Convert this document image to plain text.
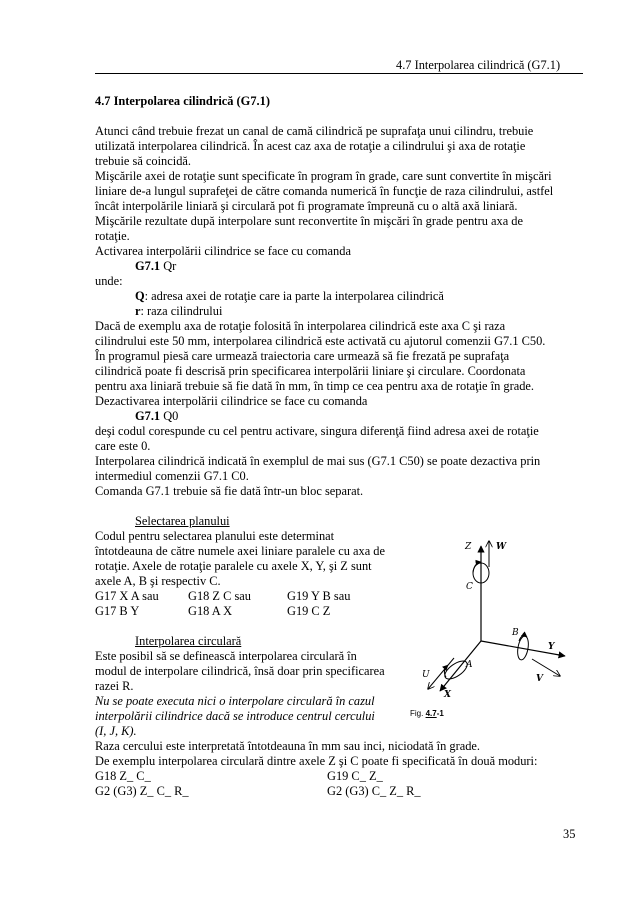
4.7 Interpolarea cilindrică (G7.1)
4.7 Interpolarea cilindrică (G7.1)
Atunci când trebuie frezat un canal de camă cilindrică pe suprafaţa unui cilindru, trebuie
utilizată interpolarea cilindrică. În acest caz axa de rotaţie a cilindrului şi axa de rotaţie
trebuie să coincidă.
Mişcările axei de rotaţie sunt specificate în program în grade, care sunt convertite în mişcări
liniare de-a lungul suprafeţei de către comanda numerică în funcţie de raza cilindrului, astfel
încât interpolările liniară şi circulară pot fi programate împreună cu o altă axă liniară.
Mişcările rezultate după interpolare sunt reconvertite în mişcări în grade pentru axa de
rotaţie.
Activarea interpolării cilindrice se face cu comanda
G7.1 Qr
unde:
Q: adresa axei de rotaţie care ia parte la interpolarea cilindrică
r: raza cilindrului
Dacă de exemplu axa de rotaţie folosită în interpolarea cilindrică este axa C şi raza
cilindrului este 50 mm, interpolarea cilindrică este activată cu ajutorul comenzii G7.1 C50.
În programul piesă care urmează traiectoria care urmează să fie frezată pe suprafaţa
cilindrică poate fi descrisă prin specificarea interpolării liniare şi circulare. Coordonata
pentru axa liniară trebuie să fie dată în mm, în timp ce cea pentru axa de rotaţie în grade.
Dezactivarea interpolării cilindrice se face cu comanda
G7.1 Q0
deşi codul corespunde cu cel pentru activare, singura diferenţă fiind adresa axei de rotaţie
care este 0.
Interpolarea cilindrică indicată în exemplul de mai sus (G7.1 C50) se poate dezactiva prin
intermediul comenzii G7.1 C0.
Comanda G7.1 trebuie să fie dată într-un bloc separat.
Selectarea planului
Codul pentru selectarea planului este determinat
întotdeauna de către numele axei liniare paralele cu axa de
rotaţie. Axele de rotaţie paralele cu axele X, Y, şi Z sunt
axele A, B şi respectiv C.
G17 X A sau G18 Z C sau	G19 Y B sau
G17 B Y	G18 A X	G19 C Z
Interpolarea circulară
Este posibil să se definească interpolarea circulară în
modul de interpolare cilindrică, însă doar prin specificarea
razei R.
Nu se poate executa nici o interpolare circulară în cazul
interpolării cilindrice dacă se introduce centrul cercului
(I, J, K).
Raza cercului este interpretată întotdeauna în mm sau inci, niciodată în grade.
De exemplu interpolarea circulară dintre axele Z şi C poate fi specificată în două moduri:
G18 Z_ C_	G19 C_ Z_
G2 (G3) Z_ C_ R_	G2 (G3) C_ Z_ R_
Z	W
C
B
Y
V
A
U
X
Fig. 4.7-1
35
